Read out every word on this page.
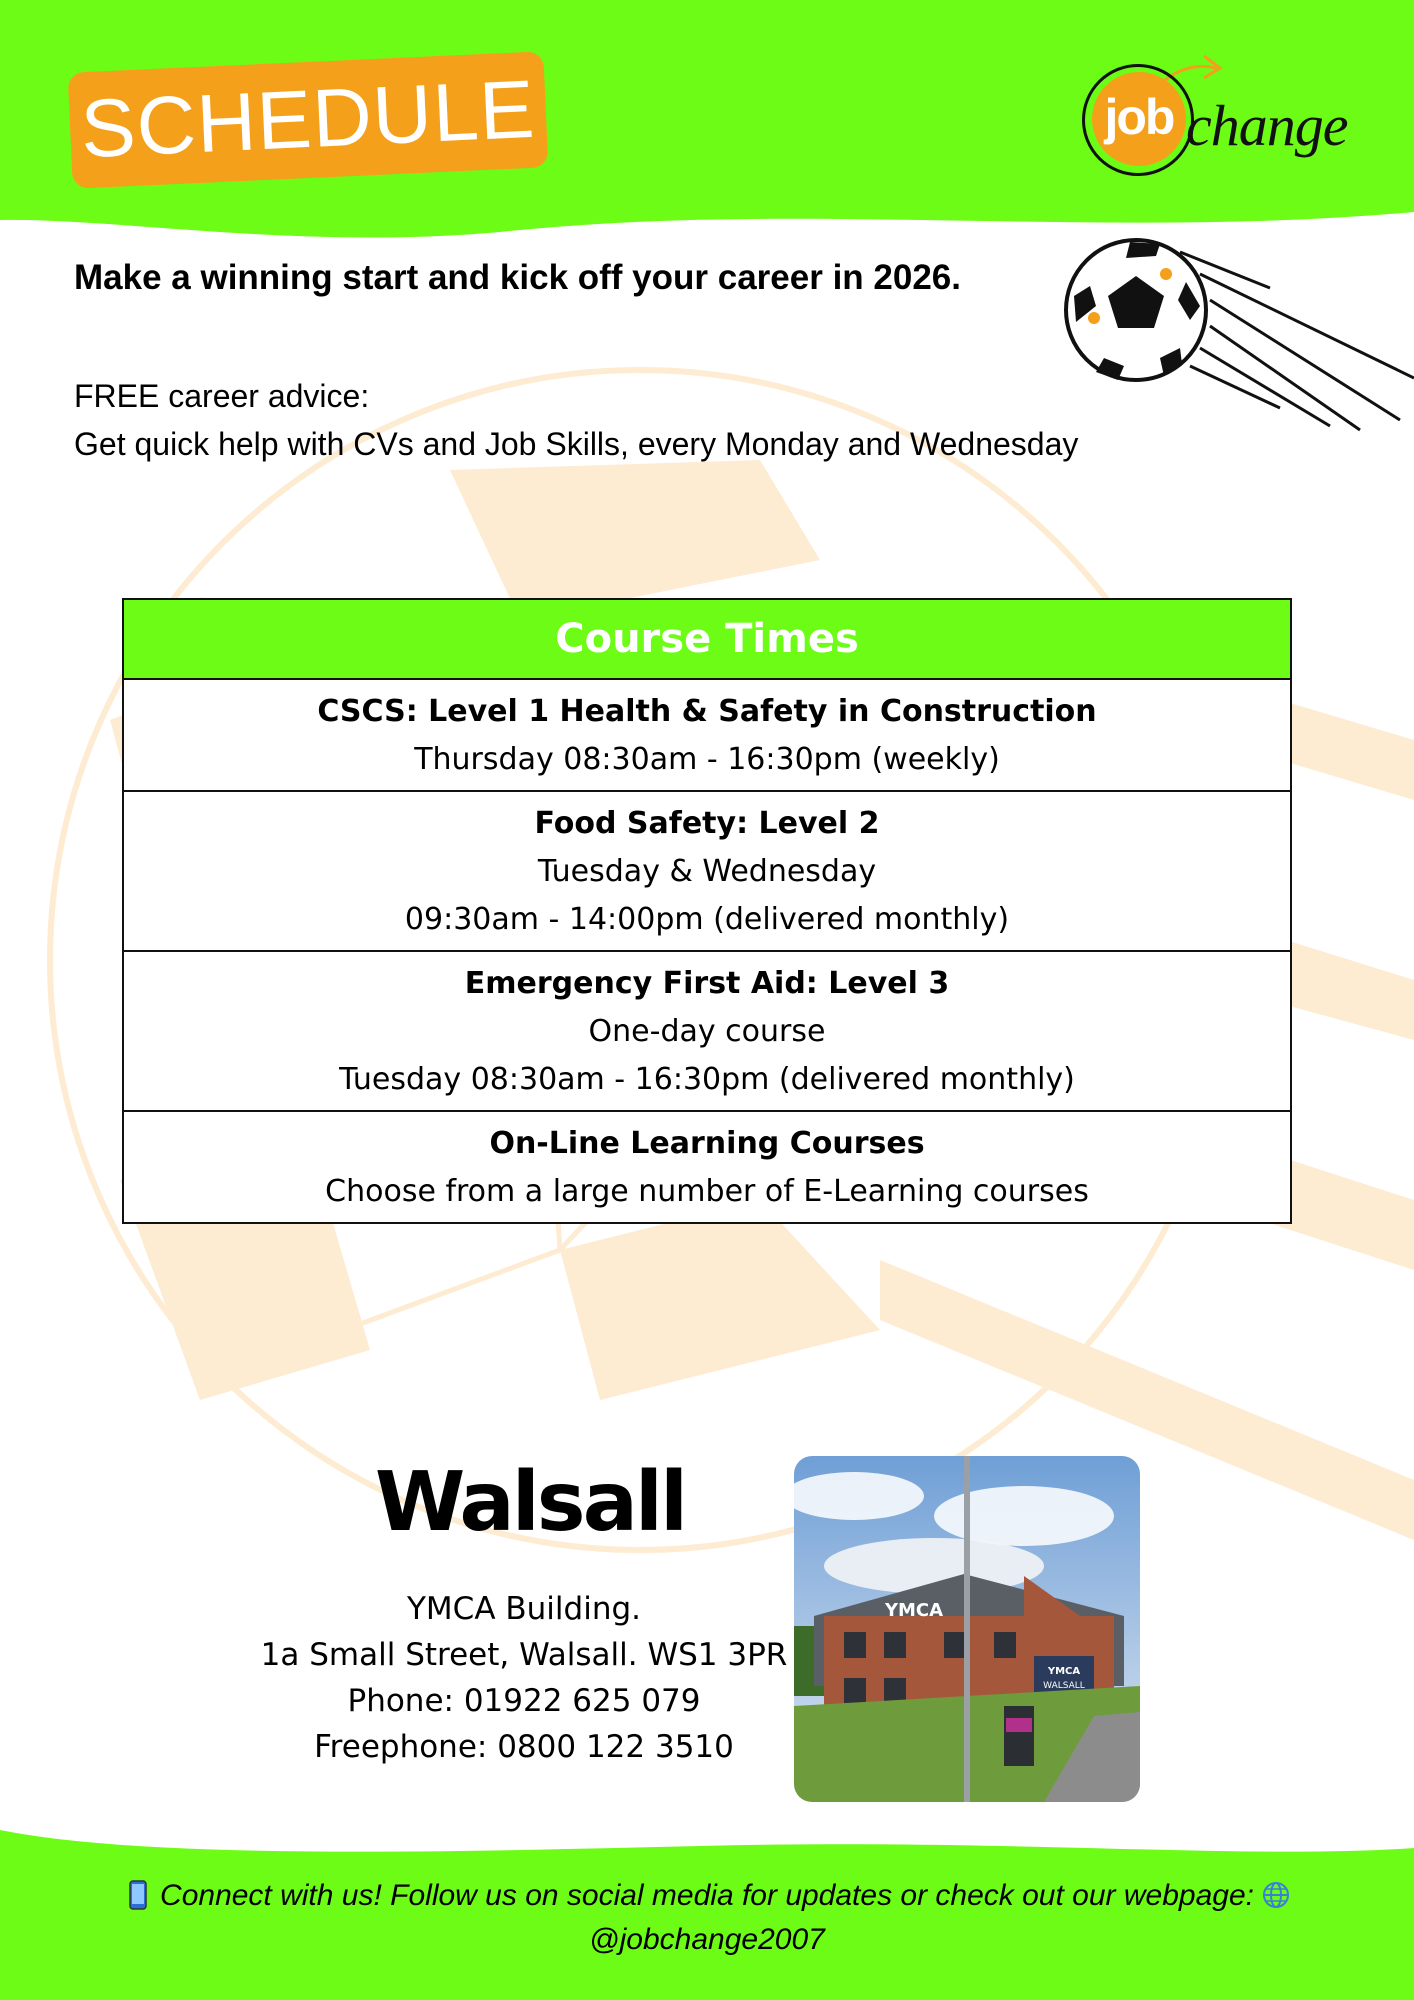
SCHEDULE	job change
Make a winning start and kick off your career in 2026.
FREE career advice:
Get quick help with CVs and Job Skills, every Monday and Wednesday
Course Times
CSCS: Level 1 Health & Safety in Construction
Thursday 08:30am - 16:30pm (weekly)
Food Safety: Level 2
Tuesday & Wednesday
09:30am - 14:00pm (delivered monthly)
Emergency First Aid: Level 3
One-day course
Tuesday 08:30am - 16:30pm (delivered monthly)
On-Line Learning Courses
Choose from a large number of E-Learning courses
Walsall
YMCA Building.
1a Small Street, Walsall. WS1 3PR
Phone: 01922 625 079
Freephone: 0800 122 3510
YMCA
WALSALL
YMCA
Connect with us! Follow us on social media for updates or check out our webpage:
@jobchange2007
